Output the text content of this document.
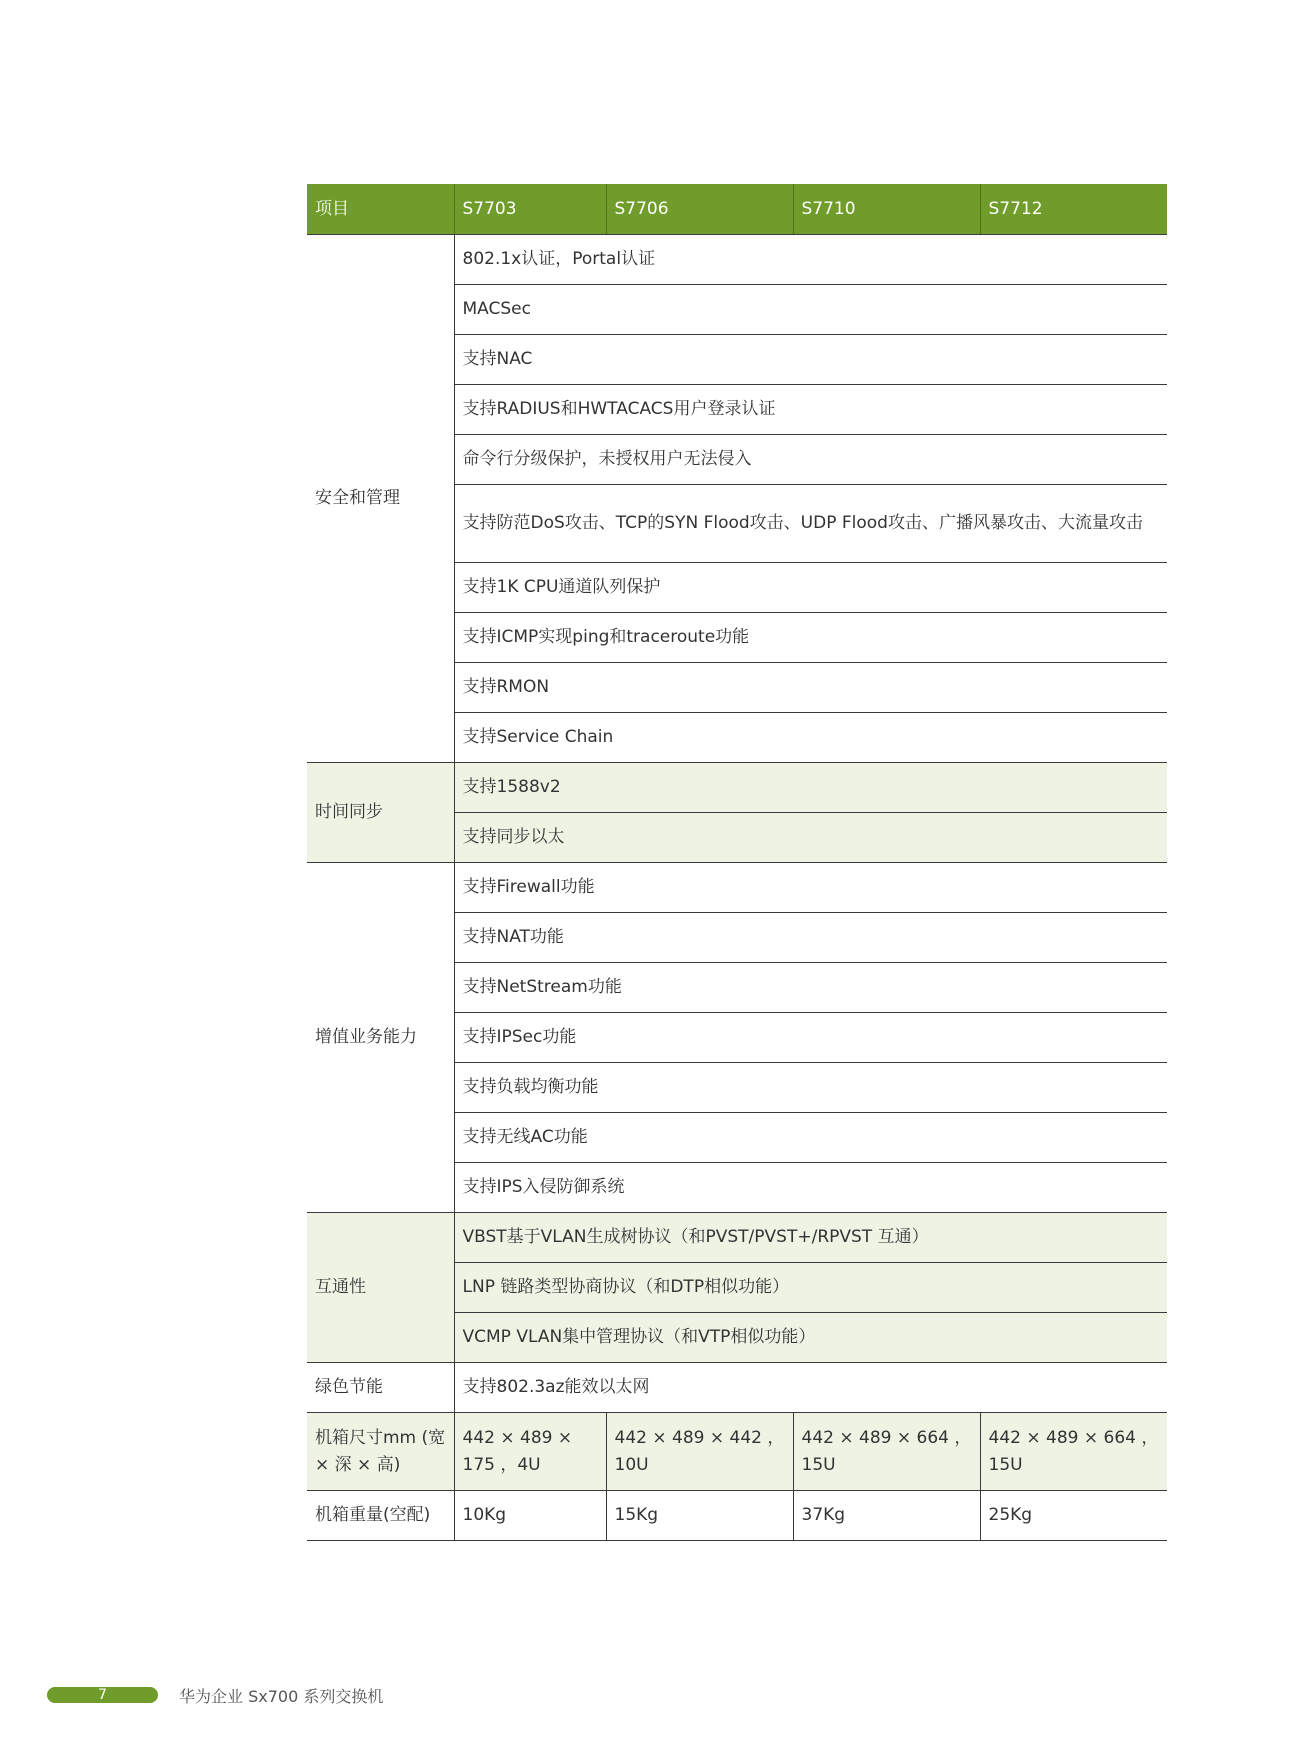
项目	S7703	S7706	S7710	S7712
安全和管理	802.1x认证，Portal认证			
	MACSec			
	支持NAC			
	支持RADIUS和HWTACACS用户登录认证			
	命令行分级保护，未授权用户无法侵入			
	支持防范DoS攻击、TCP的SYN Flood攻击、UDP Flood攻击、广播风暴攻击、大流量攻击			
	支持1K CPU通道队列保护			
	支持ICMP实现ping和traceroute功能			
	支持RMON			
	支持Service Chain			
时间同步	支持1588v2			
	支持同步以太			
增值业务能力	支持Firewall功能			
	支持NAT功能			
	支持NetStream功能			
	支持IPSec功能			
	支持负载均衡功能			
	支持无线AC功能			
	支持IPS入侵防御系统			
互通性	VBST基于VLAN生成树协议（和PVST/PVST+/RPVST 互通）			
	LNP 链路类型协商协议（和DTP相似功能）			
	VCMP VLAN集中管理协议（和VTP相似功能）			
绿色节能	支持802.3az能效以太网			
机箱尺寸mm (宽 × 深 × 高)	442 × 489 × 175 ，4U	442 × 489 × 442 ，10U	442 × 489 × 664 ，15U	442 × 489 × 664 ，15U
机箱重量(空配)	10Kg	15Kg	37Kg	25Kg
7	华为企业 Sx700 系列交换机
